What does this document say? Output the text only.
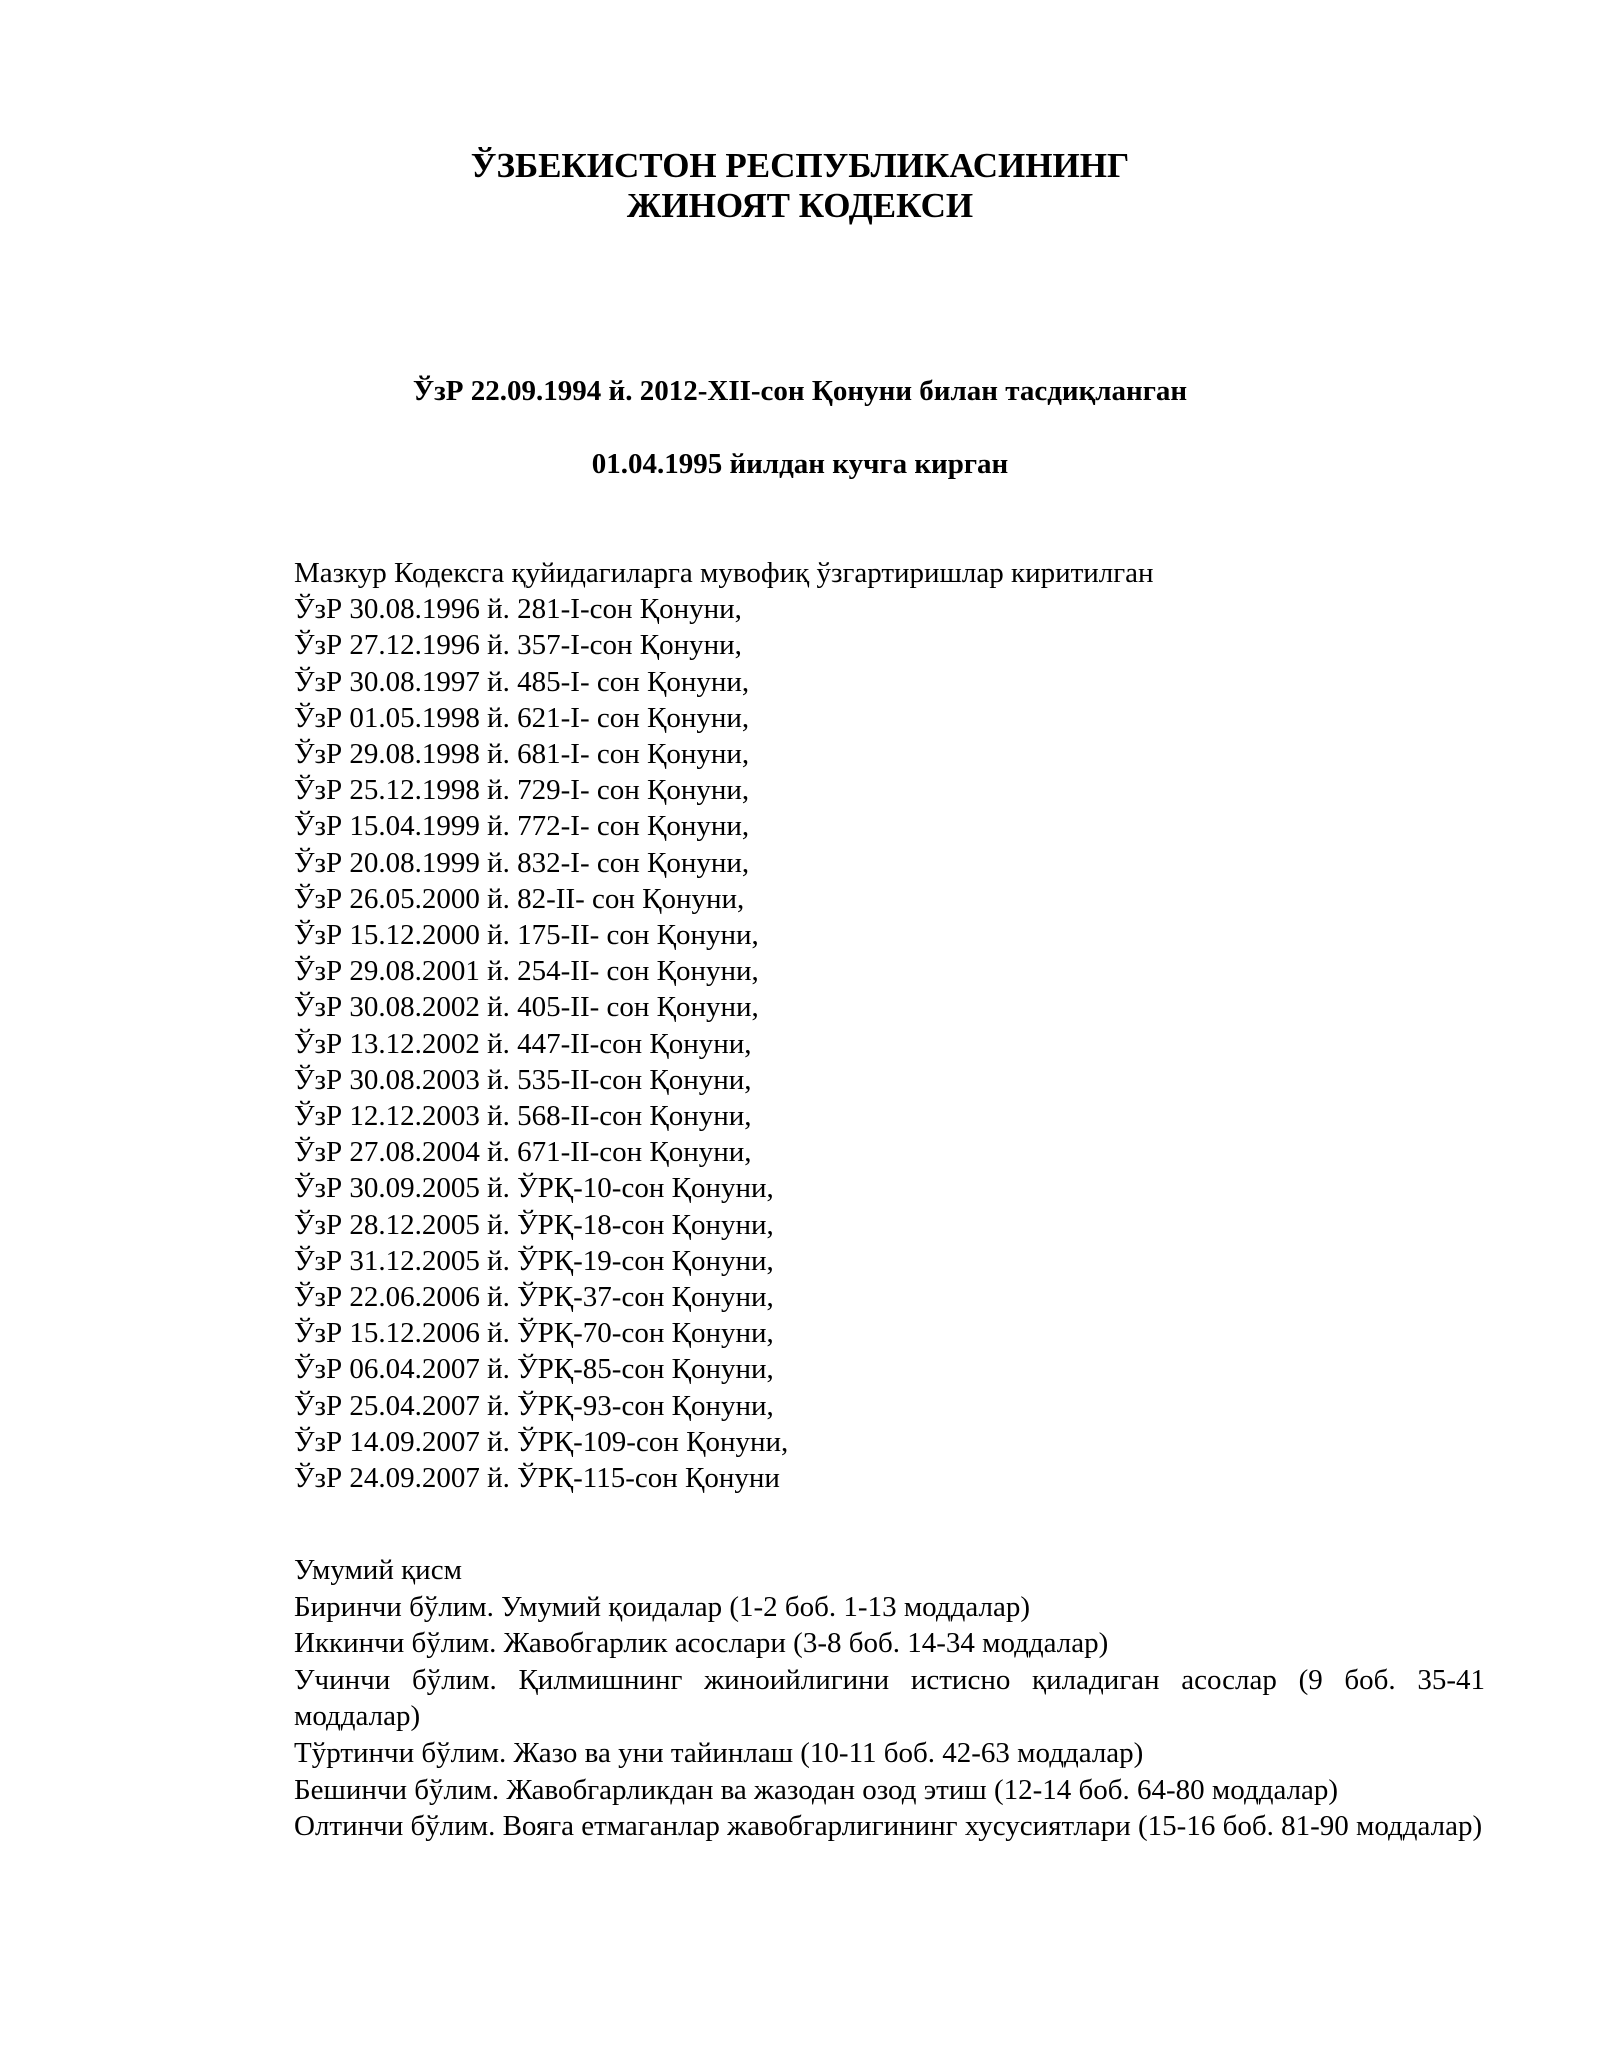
ЎЗБЕКИСТОН РЕСПУБЛИКАСИНИНГ
ЖИНОЯТ КОДЕКСИ
ЎзР 22.09.1994 й. 2012-XII-сон Қонуни билан тасдиқланган
01.04.1995 йилдан кучга кирган
Мазкур Кодексга қуйидагиларга мувофиқ ўзгартиришлар киритилган
ЎзР 30.08.1996 й. 281-I-сон Қонуни,
ЎзР 27.12.1996 й. 357-I-сон Қонуни,
ЎзР 30.08.1997 й. 485-I- сон Қонуни,
ЎзР 01.05.1998 й. 621-I- сон Қонуни,
ЎзР 29.08.1998 й. 681-I- сон Қонуни,
ЎзР 25.12.1998 й. 729-I- сон Қонуни,
ЎзР 15.04.1999 й. 772-I- сон Қонуни,
ЎзР 20.08.1999 й. 832-I- сон Қонуни,
ЎзР 26.05.2000 й. 82-II- сон Қонуни,
ЎзР 15.12.2000 й. 175-II- сон Қонуни,
ЎзР 29.08.2001 й. 254-II- сон Қонуни,
ЎзР 30.08.2002 й. 405-II- сон Қонуни,
ЎзР 13.12.2002 й. 447-II-сон Қонуни,
ЎзР 30.08.2003 й. 535-II-сон Қонуни,
ЎзР 12.12.2003 й. 568-II-сон Қонуни,
ЎзР 27.08.2004 й. 671-II-сон Қонуни,
ЎзР 30.09.2005 й. ЎРҚ-10-сон Қонуни,
ЎзР 28.12.2005 й. ЎРҚ-18-сон Қонуни,
ЎзР 31.12.2005 й. ЎРҚ-19-сон Қонуни,
ЎзР 22.06.2006 й. ЎРҚ-37-сон Қонуни,
ЎзР 15.12.2006 й. ЎРҚ-70-сон Қонуни,
ЎзР 06.04.2007 й. ЎРҚ-85-сон Қонуни,
ЎзР 25.04.2007 й. ЎРҚ-93-сон Қонуни,
ЎзР 14.09.2007 й. ЎРҚ-109-сон Қонуни,
ЎзР 24.09.2007 й. ЎРҚ-115-сон Қонуни
Умумий қисм
Биринчи бўлим. Умумий қоидалар (1-2 боб. 1-13 моддалар)
Иккинчи бўлим. Жавобгарлик асослари (3-8 боб. 14-34 моддалар)
Учинчи бўлим. Қилмишнинг жиноийлигини истисно қиладиган асослар (9 боб. 35-41 моддалар)
Тўртинчи бўлим. Жазо ва уни тайинлаш (10-11 боб. 42-63 моддалар)
Бешинчи бўлим. Жавобгарликдан ва жазодан озод этиш (12-14 боб. 64-80 моддалар)
Олтинчи бўлим. Вояга етмаганлар жавобгарлигининг хусусиятлари (15-16 боб. 81-90 моддалар)
